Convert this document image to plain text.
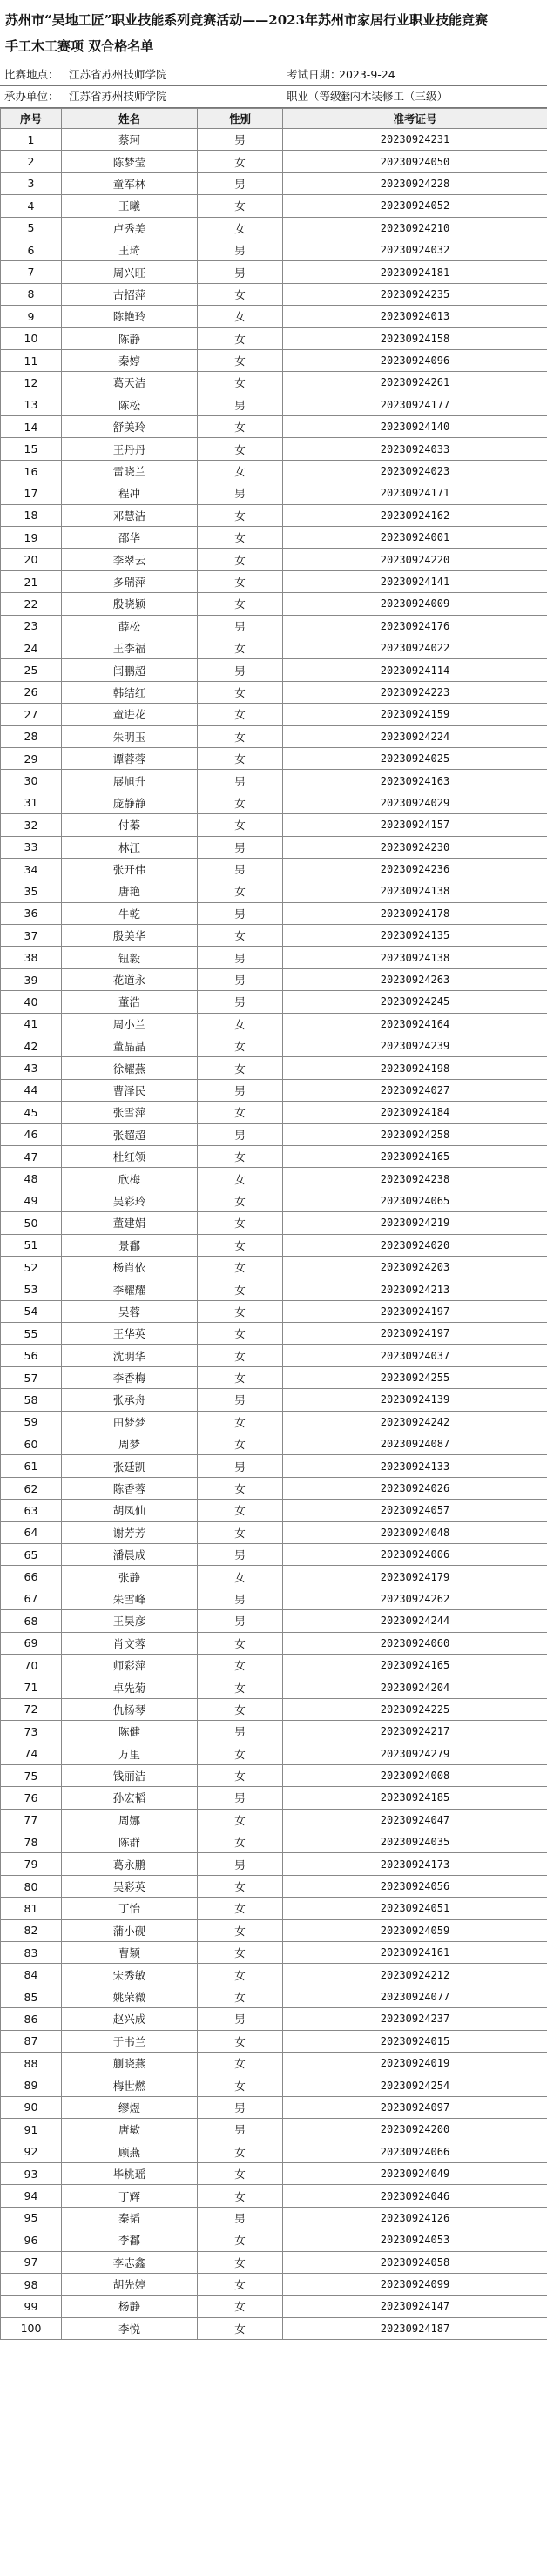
苏州市“吴地工匠”职业技能系列竞赛活动——2023年苏州市家居行业职业技能竞赛

手工木工赛项 双合格名单

比赛地点： 江苏省苏州技师学院	考试日期：
2023-9-24
承办单位： 江苏省苏州技师学院	职业（等级）：
室内木装修工（三级）
序号	姓名	性别	准考证号
1	蔡珂	男	20230924231
2	陈梦莹	女	20230924050
3	童军林	男	20230924228
4	王曦	女	20230924052
5	卢秀美	女	20230924210
6	王琦	男	20230924032
7	周兴旺	男	20230924181
8	古招萍	女	20230924235
9	陈艳玲	女	20230924013
10	陈静	女	20230924158
11	秦婷	女	20230924096
12	葛天洁	女	20230924261
13	陈松	男	20230924177
14	舒美玲	女	20230924140
15	王丹丹	女	20230924033
16	雷晓兰	女	20230924023
17	程冲	男	20230924171
18	邓慧洁	女	20230924162
19	邵华	女	20230924001
20	李翠云	女	20230924220
21	多瑞萍	女	20230924141
22	殷晓颖	女	20230924009
23	薛松	男	20230924176
24	王李福	女	20230924022
25	闫鹏超	男	20230924114
26	韩结红	女	20230924223
27	童进花	女	20230924159
28	朱明玉	女	20230924224
29	谭蓉蓉	女	20230924025
30	展旭升	男	20230924163
31	庞静静	女	20230924029
32	付蓁	女	20230924157
33	林江	男	20230924230
34	张开伟	男	20230924236
35	唐艳	女	20230924138
36	牛乾	男	20230924178
37	殷美华	女	20230924135
38	钮毅	男	20230924138
39	花道永	男	20230924263
40	董浩	男	20230924245
41	周小兰	女	20230924164
42	董晶晶	女	20230924239
43	徐耀燕	女	20230924198
44	曹泽民	男	20230924027
45	张雪萍	女	20230924184
46	张超超	男	20230924258
47	杜红领	女	20230924165
48	欣梅	女	20230924238
49	吴彩玲	女	20230924065
50	董建娟	女	20230924219
51	景鄱	女	20230924020
52	杨肖依	女	20230924203
53	李耀耀	女	20230924213
54	吴蓉	女	20230924197
55	王华英	女	20230924197
56	沈明华	女	20230924037
57	李香梅	女	20230924255
58	张承舟	男	20230924139
59	田梦梦	女	20230924242
60	周梦	女	20230924087
61	张廷凯	男	20230924133
62	陈香蓉	女	20230924026
63	胡凤仙	女	20230924057
64	谢芳芳	女	20230924048
65	潘晨成	男	20230924006
66	张静	女	20230924179
67	朱雪峰	男	20230924262
68	王昊彦	男	20230924244
69	肖文蓉	女	20230924060
70	师彩萍	女	20230924165
71	卓先菊	女	20230924204
72	仇杨琴	女	20230924225
73	陈健	男	20230924217
74	万里	女	20230924279
75	钱丽洁	女	20230924008
76	孙宏韬	男	20230924185
77	周娜	女	20230924047
78	陈群	女	20230924035
79	葛永鹏	男	20230924173
80	吴彩英	女	20230924056
81	丁怡	女	20230924051
82	蒲小砚	女	20230924059
83	曹颖	女	20230924161
84	宋秀敏	女	20230924212
85	姚荣微	女	20230924077
86	赵兴成	男	20230924237
87	于书兰	女	20230924015
88	蒯晓燕	女	20230924019
89	梅世燃	女	20230924254
90	缪煜	男	20230924097
91	唐敏	男	20230924200
92	顾燕	女	20230924066
93	毕桃瑶	女	20230924049
94	丁辉	女	20230924046
95	秦韬	男	20230924126
96	李鄱	女	20230924053
97	李志鑫	女	20230924058
98	胡先婷	女	20230924099
99	杨静	女	20230924147
100	李悦	女	20230924187
